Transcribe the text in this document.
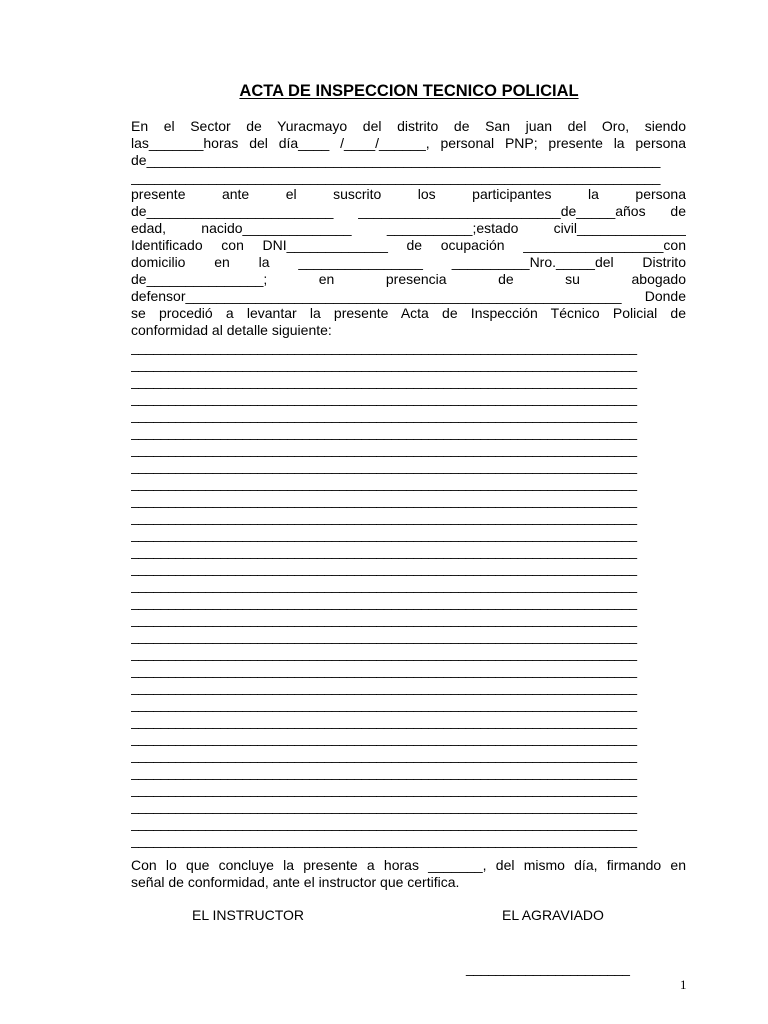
ACTA DE INSPECCION TECNICO POLICIAL
En el Sector de Yuracmayo del distrito de San juan del Oro, siendo
las_______horas del día____ /____/______, personal PNP; presente la persona
de__________________________________________________________________
____________________________________________________________________
presente ante el suscrito los participantes la persona
de________________________ __________________________de_____años de
edad, nacido______________ ___________;estado civil______________
Identificado con DNI_____________ de ocupación __________________con
domicilio en la ________________ __________Nro._____del Distrito
de_______________; en presencia de su abogado
defensor________________________________________________________ Donde
se procedió a levantar la presente Acta de Inspección Técnico Policial de
conformidad al detalle siguiente:
____________________________________________________________________
____________________________________________________________________
____________________________________________________________________
____________________________________________________________________
____________________________________________________________________
____________________________________________________________________
____________________________________________________________________
____________________________________________________________________
____________________________________________________________________
____________________________________________________________________
____________________________________________________________________
____________________________________________________________________
____________________________________________________________________
____________________________________________________________________
____________________________________________________________________
____________________________________________________________________
____________________________________________________________________
____________________________________________________________________
____________________________________________________________________
____________________________________________________________________
____________________________________________________________________
____________________________________________________________________
____________________________________________________________________
____________________________________________________________________
____________________________________________________________________
____________________________________________________________________
____________________________________________________________________
____________________________________________________________________
____________________________________________________________________
____________________________________________________________________
Con lo que concluye la presente a horas _______, del mismo día, firmando en
señal de conformidad, ante el instructor que certifica.
EL INSTRUCTOR	EL AGRAVIADO
______________________
1
